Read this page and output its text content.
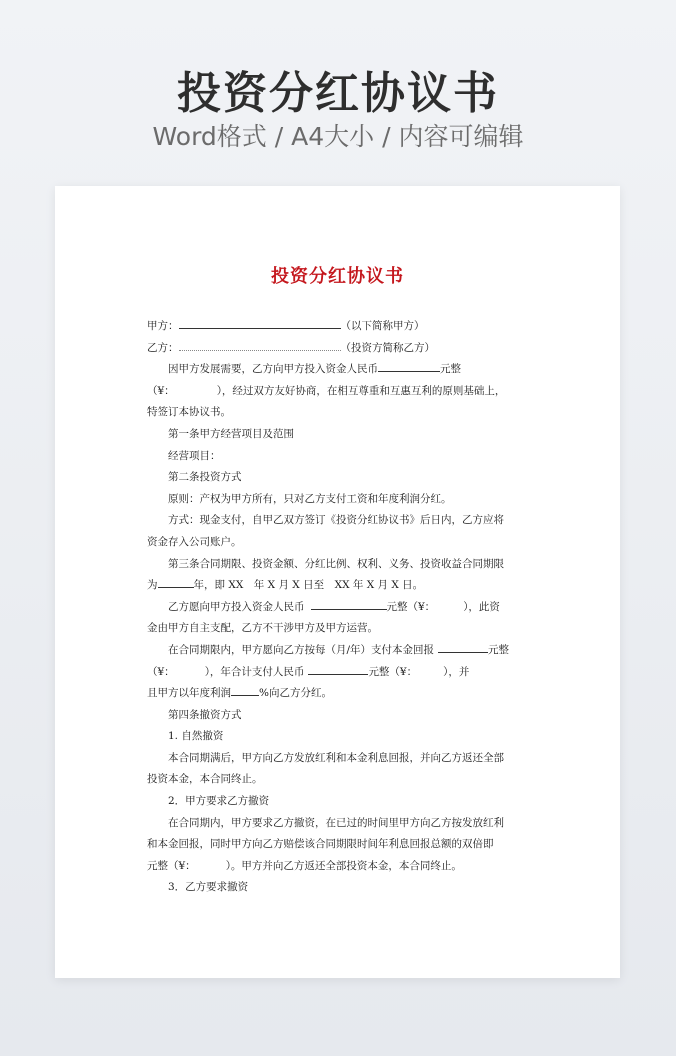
投资分红协议书
Word格式 / A4大小 / 内容可编辑
投资分红协议书
甲方：	（以下简称甲方）
乙方：	（投资方简称乙方）
因甲方发展需要，乙方向甲方投入资金人民币	元整
（¥：	），经过双方友好协商，在相互尊重和互惠互利的原则基础上，
特签订本协议书。
第一条甲方经营项目及范围
经营项目：
第二条投资方式
原则：产权为甲方所有，只对乙方支付工资和年度利润分红。
方式：现金支付，自甲乙双方签订《投资分红协议书》后日内，乙方应将
资金存入公司账户。
第三条合同期限、投资金额、分红比例、权利、义务、投资收益合同期限
为	年，即 XX　年 X 月 X 日至　XX 年 X 月 X 日。
乙方愿向甲方投入资金人民币	元整（¥：	），此资
金由甲方自主支配，乙方不干涉甲方及甲方运营。
在合同期限内，甲方愿向乙方按每（月/年）支付本金回报	元整
（¥：	），年合计支付人民币	元整（¥： ），并
且甲方以年度利润	%向乙方分红。
第四条撤资方式
1. 自然撤资
本合同期满后，甲方向乙方发放红利和本金利息回报，并向乙方返还全部
投资本金，本合同终止。
2．甲方要求乙方撤资
在合同期内，甲方要求乙方撤资，在已过的时间里甲方向乙方按发放红利
和本金回报，同时甲方向乙方赔偿该合同期限时间年利息回报总额的双倍即
元整（¥：	）。甲方并向乙方返还全部投资本金，本合同终止。
3．乙方要求撤资
